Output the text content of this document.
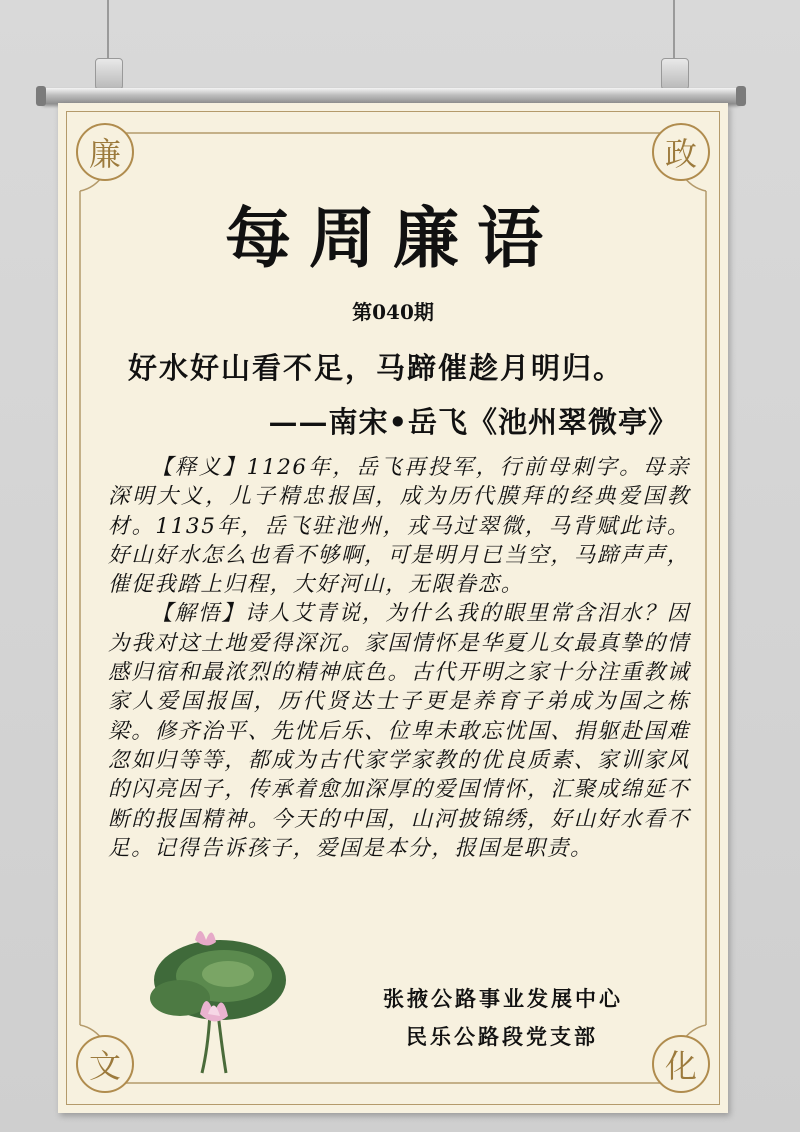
廉	政
文	化
每周廉语
第040期
好水好山看不足，马蹄催趁月明归。
——南宋•岳飞《池州翠微亭》

【释义】1126年，岳飞再投军，行前母刺字。母亲深明大义，儿子精忠报国，成为历代膜拜的经典爱国教材。1135年，岳飞驻池州，戎马过翠微，马背赋此诗。好山好水怎么也看不够啊，可是明月已当空，马蹄声声，催促我踏上归程，大好河山，无限眷恋。

【解悟】诗人艾青说，为什么我的眼里常含泪水？因为我对这土地爱得深沉。家国情怀是华夏儿女最真挚的情感归宿和最浓烈的精神底色。古代开明之家十分注重教诫家人爱国报国，历代贤达士子更是养育子弟成为国之栋梁。修齐治平、先忧后乐、位卑未敢忘忧国、捐躯赴国难忽如归等等，都成为古代家学家教的优良质素、家训家风的闪亮因子，传承着愈加深厚的爱国情怀，汇聚成绵延不断的报国精神。今天的中国，山河披锦绣，好山好水看不足。记得告诉孩子，爱国是本分，报国是职责。

张掖公路事业发展中心
民乐公路段党支部
